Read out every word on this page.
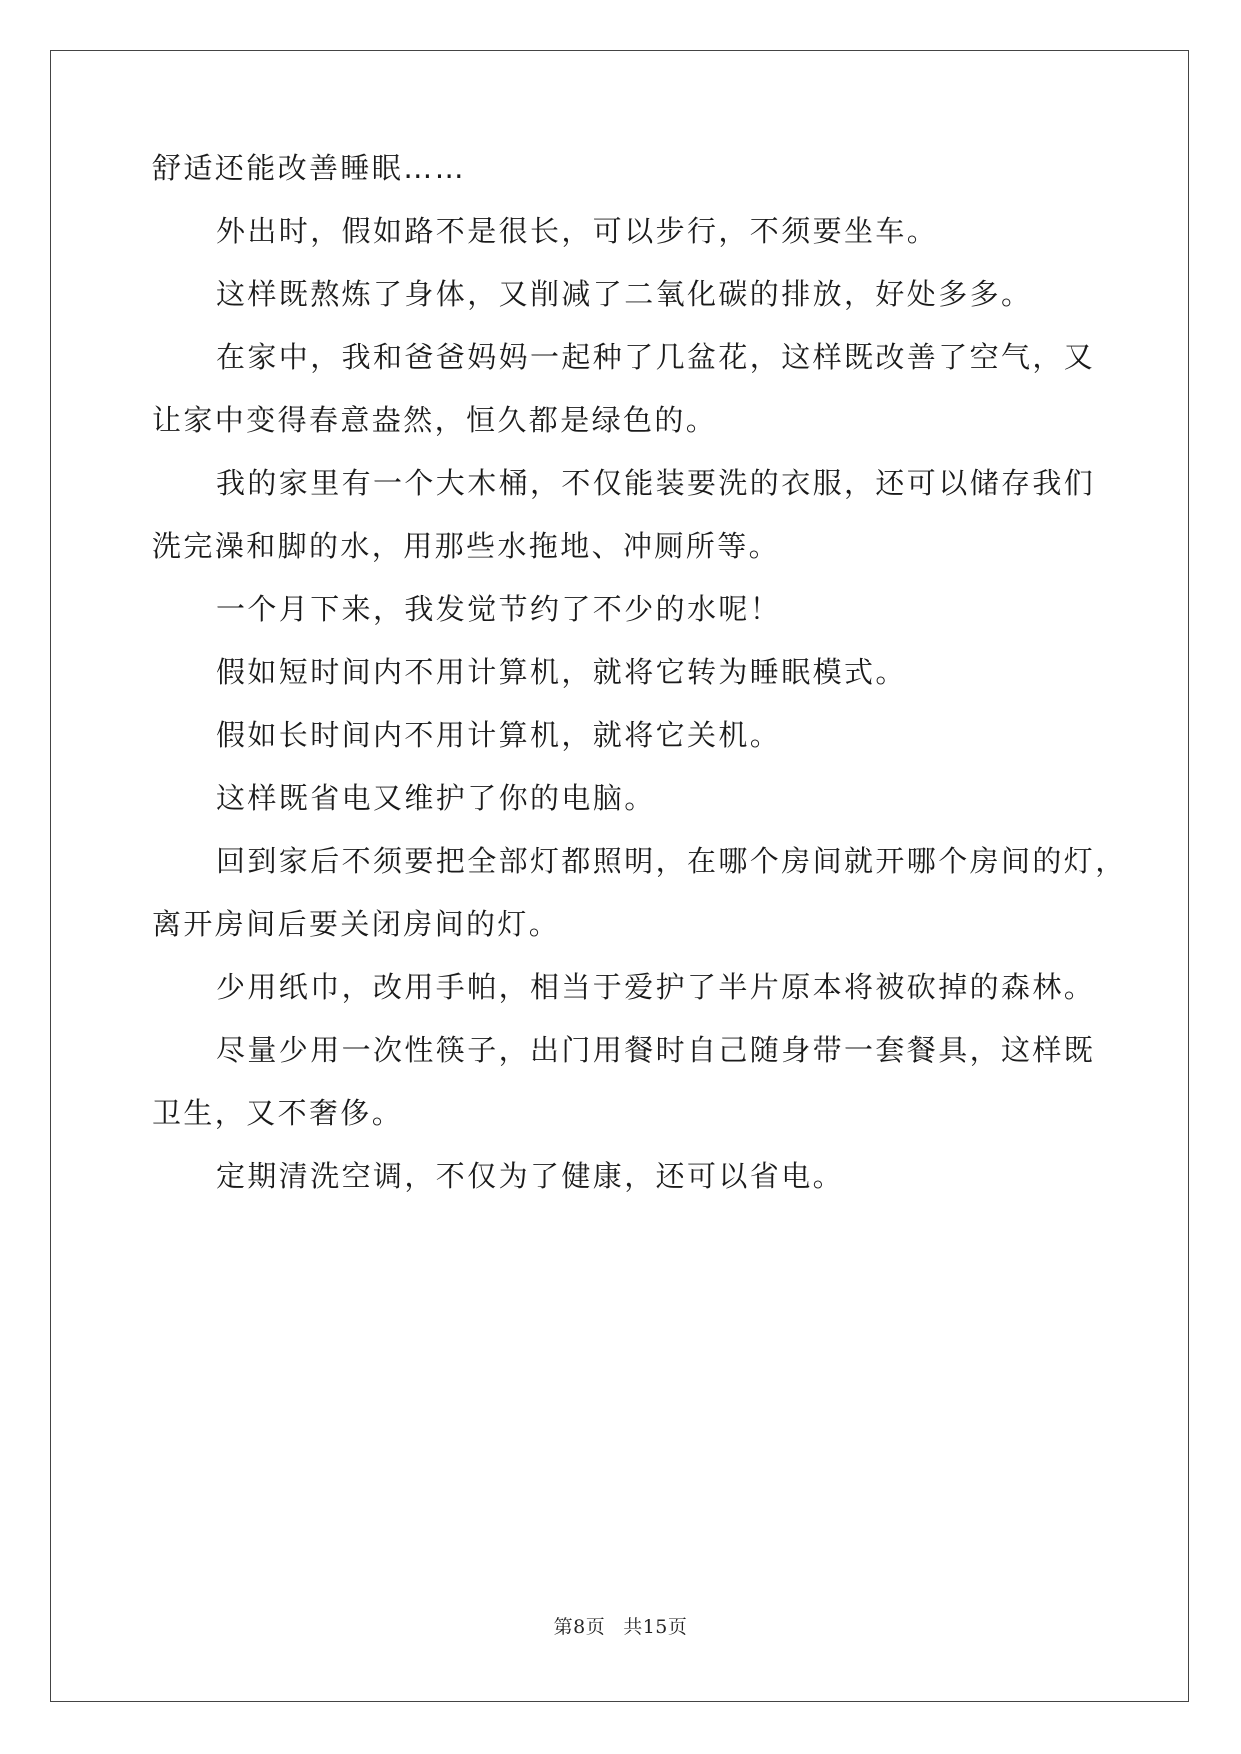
舒适还能改善睡眠……

外出时，假如路不是很长，可以步行，不须要坐车。

这样既熬炼了身体，又削减了二氧化碳的排放，好处多多。

在家中，我和爸爸妈妈一起种了几盆花，这样既改善了空气，又
让家中变得春意盎然，恒久都是绿色的。

我的家里有一个大木桶，不仅能装要洗的衣服，还可以储存我们
洗完澡和脚的水，用那些水拖地、冲厕所等。

一个月下来，我发觉节约了不少的水呢！

假如短时间内不用计算机，就将它转为睡眠模式。

假如长时间内不用计算机，就将它关机。

这样既省电又维护了你的电脑。

回到家后不须要把全部灯都照明，在哪个房间就开哪个房间的灯，
离开房间后要关闭房间的灯。

少用纸巾，改用手帕，相当于爱护了半片原本将被砍掉的森林。

尽量少用一次性筷子，出门用餐时自己随身带一套餐具，这样既
卫生，又不奢侈。

定期清洗空调，不仅为了健康，还可以省电。

第8页 共15页
